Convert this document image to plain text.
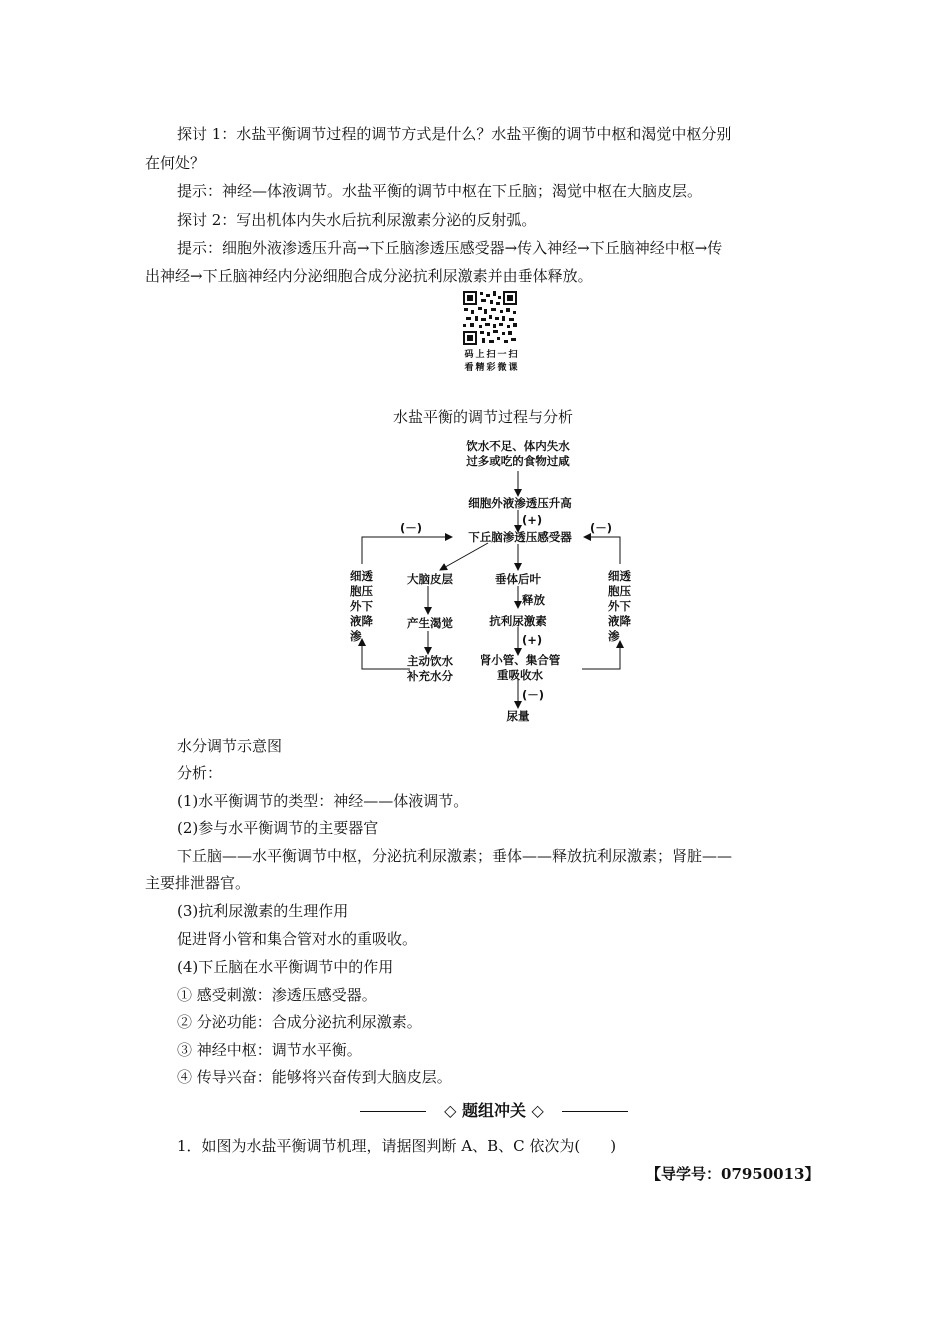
探讨 1：水盐平衡调节过程的调节方式是什么？水盐平衡的调节中枢和渴觉中枢分别
在何处？
提示：神经—体液调节。水盐平衡的调节中枢在下丘脑；渴觉中枢在大脑皮层。
探讨 2：写出机体内失水后抗利尿激素分泌的反射弧。
提示：细胞外液渗透压升高→下丘脑渗透压感受器→传入神经→下丘脑神经中枢→传
出神经→下丘脑神经内分泌细胞合成分泌抗利尿激素并由垂体释放。
码上扫一扫
看精彩微课
水盐平衡的调节过程与分析
饮水不足、体内失水
过多或吃的食物过咸
细胞外液渗透压升高
(+)
下丘脑渗透压感受器
(－)	(－)
细透
胞压
外下
液降
渗
细透
胞压
外下
液降
渗
大脑皮层
产生渴觉
主动饮水
补充水分
垂体后叶
释放
抗利尿激素
(+)
肾小管、集合管
重吸收水
(－)
尿量
水分调节示意图
分析：
(1)水平衡调节的类型：神经——体液调节。
(2)参与水平衡调节的主要器官
下丘脑——水平衡调节中枢，分泌抗利尿激素；垂体——释放抗利尿激素；肾脏——
主要排泄器官。
(3)抗利尿激素的生理作用
促进肾小管和集合管对水的重吸收。
(4)下丘脑在水平衡调节中的作用
① 感受刺激：渗透压感受器。
② 分泌功能：合成分泌抗利尿激素。
③ 神经中枢：调节水平衡。
④ 传导兴奋：能够将兴奋传到大脑皮层。
◇ 题组冲关 ◇
1．如图为水盐平衡调节机理，请据图判断 A、B、C 依次为(　　)
【导学号：07950013】
